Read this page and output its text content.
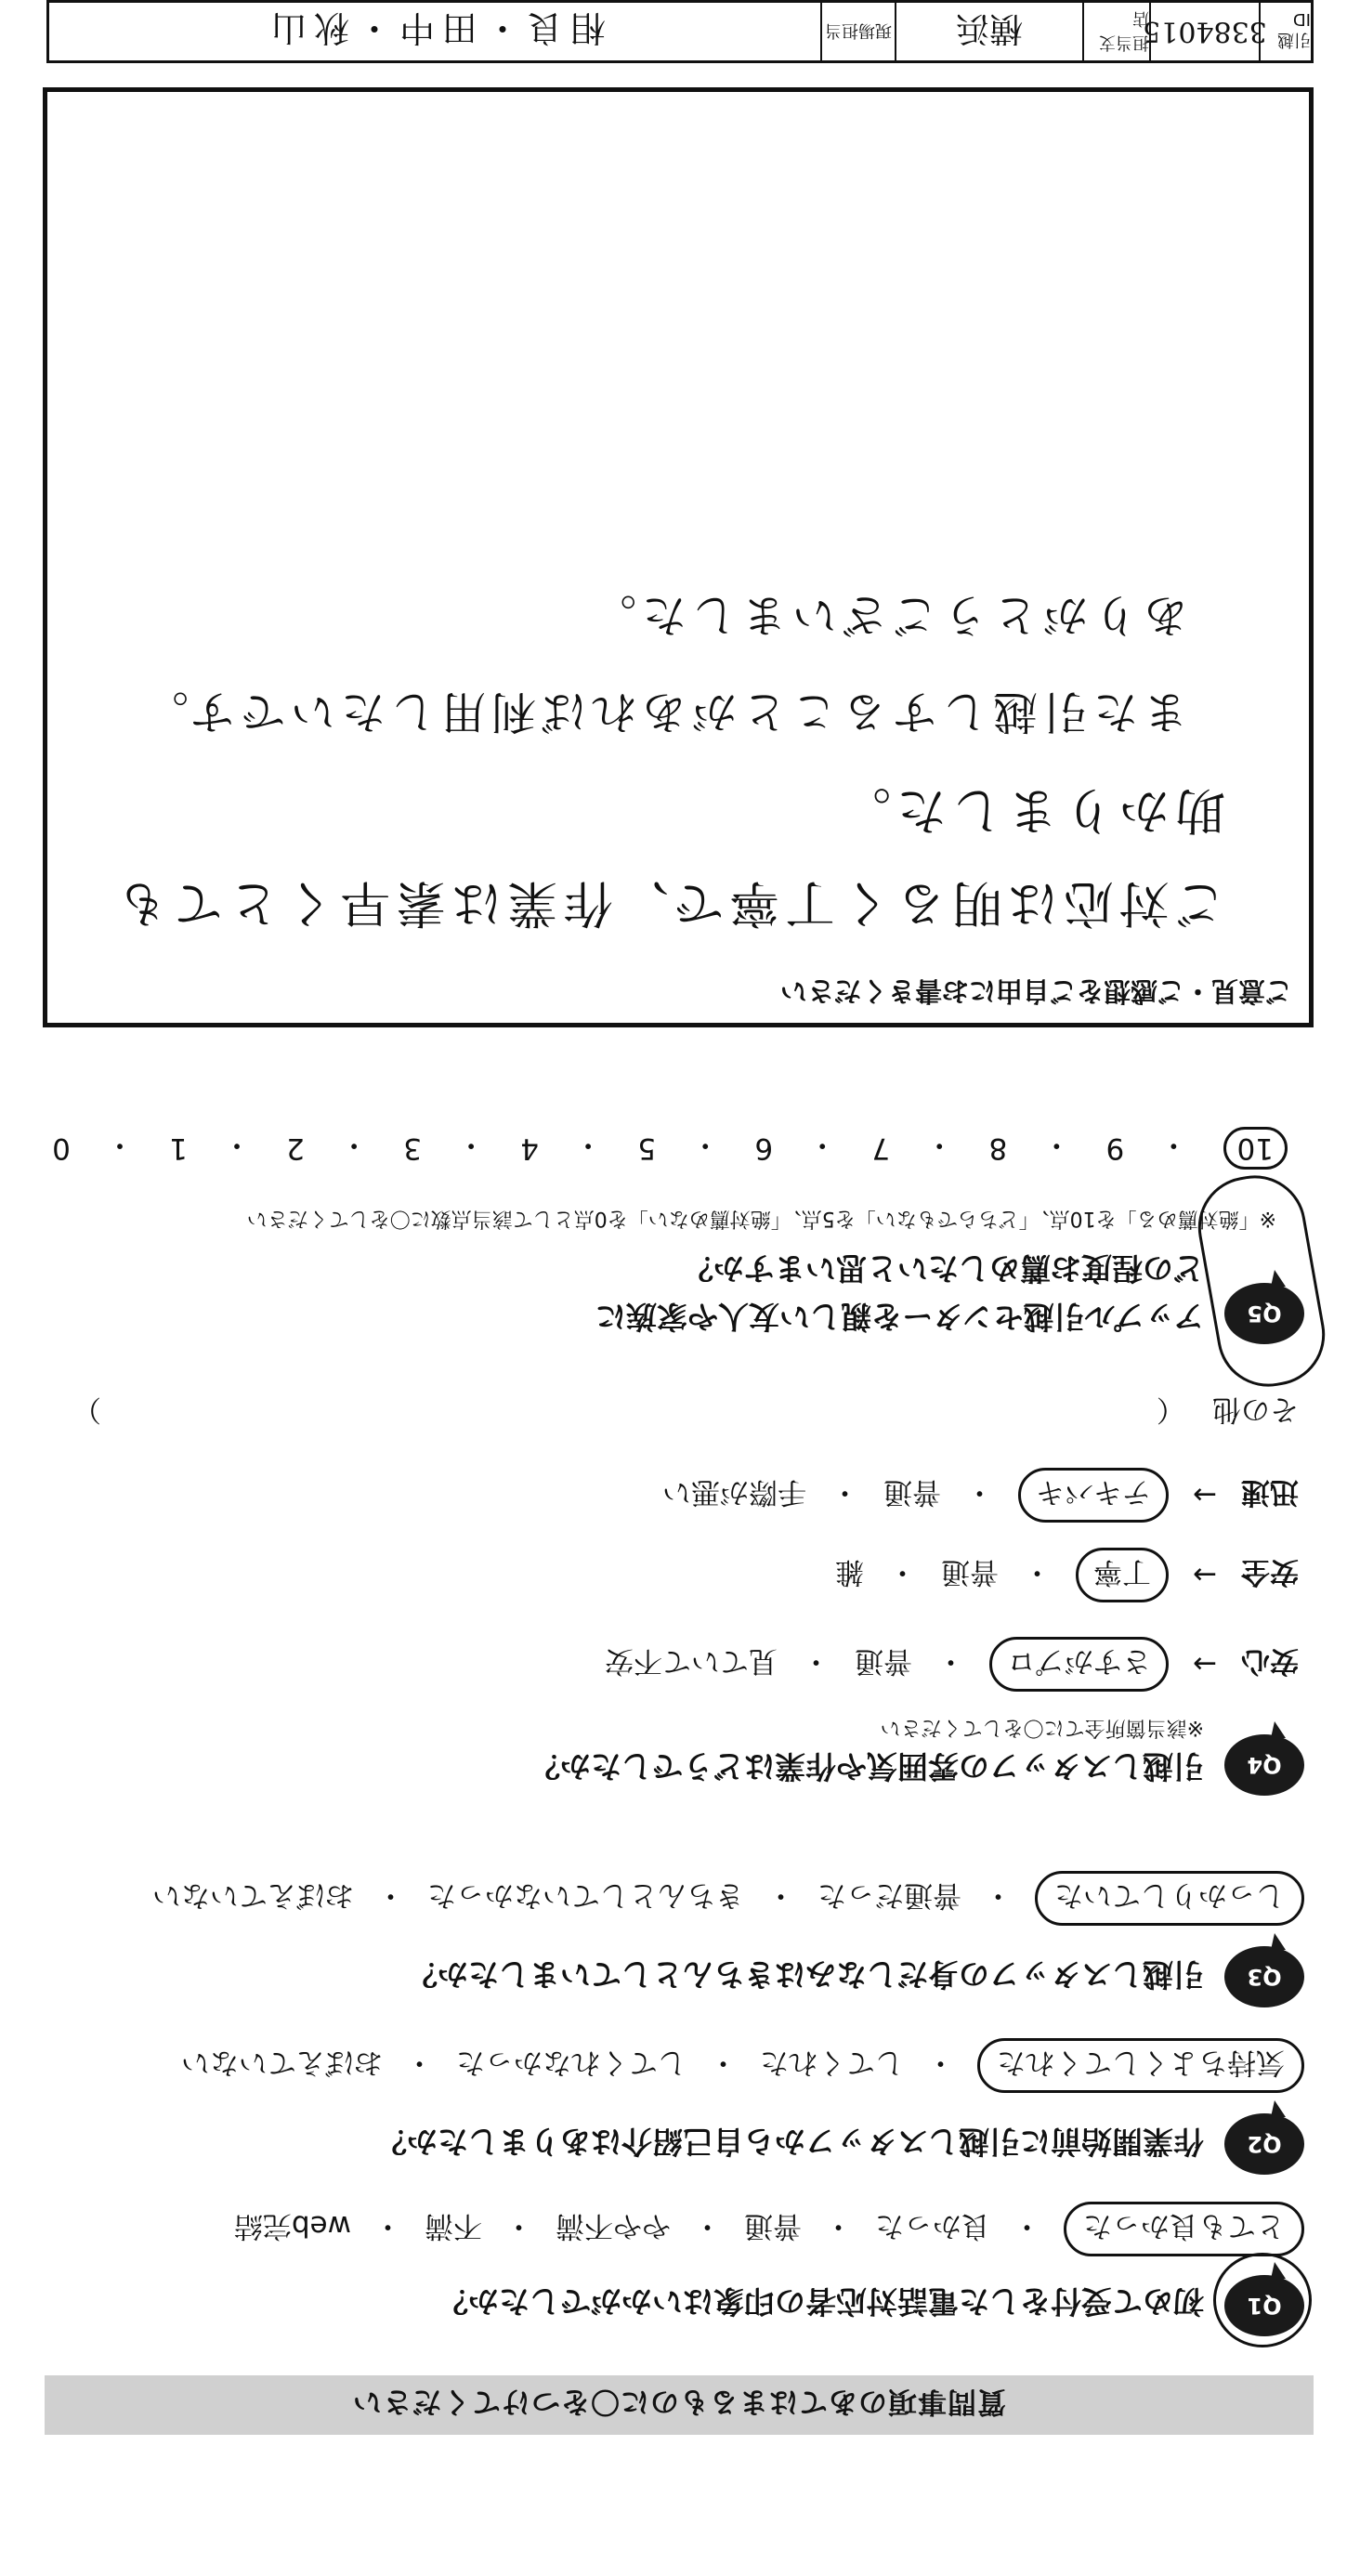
質問事項のあてはまるものに〇をつけてください
Q1
初めて受付をした電話対応者の印象はいかがでしたか？
とても良かった
・
良かった
・
普通
・
やや不満
・
不満
・
web完結
Q2
作業開始前に引越しスタッフから自己紹介はありましたか？
気持ちよくしてくれた
・
してくれた
・
してくれなかった
・
おぼえていない
Q3
引越しスタッフの身だしなみはきちんとしていましたか？
しっかりしていた
・
普通だった
・
きちんとしていなかった
・
おぼえていない
Q4
引越しスタッフの雰囲気や作業はどうでしたか？
※該当箇所全てに〇をしてください
安心
→
さすがプロ
・
普通
・
見ていて不安
安全
→
丁寧
・
普通
・
雑
迅速
→
テキパキ
・
普通
・
手際が悪い
その他 （
）
Q5
アップル引越センターを親しい友人や家族に
どの程度お薦めしたいと思いますか？
※「絶対薦める」を10点、「どちらでもない」を5点、「絶対薦めない」を0点として該当点数に〇をしてください
10
・
9
・
8
・
7
・
6
・
5
・
4
・
3
・
2
・
1
・
0
ご意見・ご感想をご自由にお書きください
ご対応は明るく丁寧で、作業は素早くとても
助かりました。
また引越しすることがあれば利用したいです。
ありがとうございました。
引越ID
3384015
担当支店
横浜
現場担当
相良・田中・秋山
